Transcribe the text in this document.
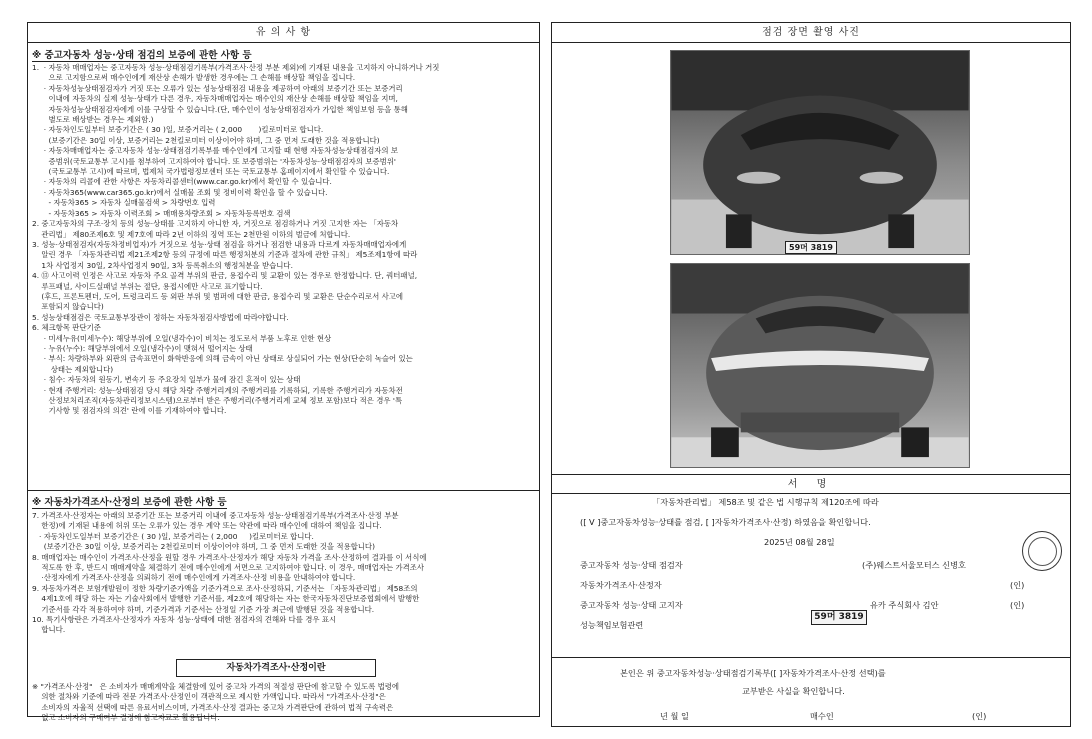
유 의 사 항
※ 중고자동차 성능·상태 점검의 보증에 관한 사항 등
1.  · 자동차 매매업자는 중고자동차 성능·상태점검기록부(가격조사·산정 부분 제외)에 기재된 내용을 고지하지 아니하거나 거짓
으로 고지함으로써 매수인에게 재산상 손해가 발생한 경우에는 그 손해를 배상할 책임을 집니다.
· 자동차성능상태점검자가 거짓 또는 오류가 있는 성능상태점검 내용을 제공하여 아래의 보증기간 또는 보증거리
이내에 자동차의 실제 성능·상태가 다른 경우, 자동차매매업자는 매수인의 재산상 손해를 배상할 책임을 지며,
자동차성능상태점검자에게 이를 구상할 수 있습니다.(단, 매수인이 성능상태점검자가 가입한 책임보험 등을 통해
별도로 배상받는 경우는 제외함.)
· 자동차인도일부터 보증기간은 ( 30 )일, 보증거리는 ( 2,000       )킬로미터로 합니다.
(보증기간은 30일 이상, 보증거리는 2천킬로미터 이상이어야 하며, 그 중 먼저 도래한 것을 적용합니다)
· 자동차매매업자는 중고자동차 성능·상태점검기록부를 매수인에게 고지할 때 현행 자동차성능상태점검자의 보
증범위(국토교통부 고시)를 첨부하여 고지하여야 합니다. 또 보증범위는 '자동차성능·상태점검자의 보증범위'
(국토교통부 고시)에 따르며, 법제처 국가법령정보센터 또는 국토교통부 홈페이지에서 확인할 수 있습니다.
· 자동차의 리콜에 관한 사항은 자동차리콜센터(www.car.go.kr)에서 확인할 수 있습니다.
· 자동차365(www.car365.go.kr)에서 실매물 조회 및 정비이력 확인을 할 수 있습니다.
- 자동차365 > 자동차 실매물검색 > 차량번호 입력
- 자동차365 > 자동차 이력조회 > 매매용차량조회 > 자동차등록번호 검색
2. 중고자동차의 구조·장치 등의 성능·상태를 고지하지 아니한 자, 거짓으로 점검하거나 거짓 고지한 자는 「자동차
관리법」 제80조제6호 및 제7호에 따라 2년 이하의 징역 또는 2천만원 이하의 벌금에 처합니다.
3. 성능·상태점검자(자동차정비업자)가 거짓으로 성능·상태 점검을 하거나 점검한 내용과 다르게 자동차매매업자에게
알린 경우 「자동차관리법 제21조제2항 등의 규정에 따른 행정처분의 기준과 절차에 관한 규칙」 제5조제1항에 따라
1차 사업정지 30일, 2차사업정지 90일, 3차 등록취소의 행정처분을 받습니다.
4. ⑬ 사고이력 인정은 사고로 자동차 주요 골격 부위의 판금, 용접수리 및 교환이 있는 경우로 한정합니다. 단, 쿼터패널,
루프패널, 사이드실패널 부위는 절단, 용접시에만 사고로 표기합니다.
(후드, 프론트펜더, 도어, 트렁크리드 등 외판 부위 및 범퍼에 대한 판금, 용접수리 및 교환은 단순수리로서 사고에
포함되지 않습니다)
5. 성능상태점검은 국토교통부장관이 정하는 자동차점검사방법에 따라야합니다.
6. 체크항목 판단기준
· 미세누유(미세누수): 해당부위에 오일(냉각수)이 비치는 정도로서 부품 노후로 인한 현상
· 누유(누수): 해당부위에서 오일(냉각수)이 맺혀서 떨어지는 상태
· 부식: 차량하부와 외판의 금속표면이 화학반응에 의해 금속이 아닌 상태로 상실되어 가는 현상(단순히 녹슬어 있는
상태는 제외합니다)
· 침수: 자동차의 원동기, 변속기 등 주요장치 일부가 물에 잠긴 흔적이 있는 상태
· 현재 주행거리: 성능·상태점검 당시 해당 차량 주행거리계의 주행거리를 기록하되, 기록한 주행거리가 자동차전
산정보처리조직(자동차관리정보시스템)으로부터 받은 주행거리(주행거리계 교체 정보 포함)보다 적은 경우 '특
기사항 및 점검자의 의견' 란에 이를 기재하여야 합니다.
※ 자동차가격조사·산정의 보증에 관한 사항 등
7. 가격조사·산정자는 아래의 보증기간 또는 보증거리 이내에 중고자동차 성능·상태점검기록부(가격조사·산정 부분
한정)에 기재된 내용에 허위 또는 오류가 있는 경우 계약 또는 약관에 따라 매수인에 대하여 책임을 집니다.
· 자동차인도일부터 보증기간은 ( 30 )일, 보증거리는 ( 2,000     )킬로미터로 합니다.
(보증기간은 30일 이상, 보증거리는 2천킬로미터 이상이어야 하며, 그 중 먼저 도래한 것을 적용합니다)
8. 매매업자는 매수인이 가격조사·산정을 원할 경우 가격조사·산정자가 해당 자동차 가격을 조사·산정하여 결과를 이 서식에
적도록 한 후, 반드시 매매계약을 체결하기 전에 매수인에게 서면으로 고지하여야 합니다. 이 경우, 매매업자는 가격조사
·산정자에게 가격조사·산정을 의뢰하기 전에 매수인에게 가격조사·산정 비용을 안내하여야 합니다.
9. 자동차가격은 보험개발원이 정한 차량기준가액을 기준가격으로 조사·산정하되, 기준서는 「자동차관리법」 제58조의
4제1호에 해당 하는 자는 기술사회에서 발행한 기준서를, 제2호에 해당하는 자는 한국자동차진단보증협회에서 발행한
기준서를 각각 적용하여야 하며, 기준가격과 기준서는 산정일 기준 가장 최근에 발행된 것을 적용합니다.
10. 특기사항란은 가격조사·산정자가 자동차 성능·상태에 대한 점검자의 견해와 다를 경우 표시
합니다.
자동차가격조사·산정이란
※ "가격조사·산정"   은 소비자가 매매계약을 체결함에 있어 중고차 가격의 적절성 판단에 참고할 수 있도록 법령에
의한 절차와 기준에 따라 전문 가격조사·산정인이 객관적으로 제시한 가액입니다. 따라서 "가격조사·산정"은
소비자의 자율적 선택에 따른 유료서비스이며, 가격조사·산정 결과는 중고차 가격판단에 관하여 법적 구속력은
없고 소비자의 구매여부 결정에 참고자료로 활용됩니다.
점검 장면 촬영 사진
59머 3819
59머 3819
서 명
「자동차관리법」 제58조 및 같은 법 시행규칙 제120조에 따라
([ V ]중고자동차성능·상태를 점검, [ ]자동차가격조사·산정) 하였음을 확인합니다.
2025년 08월 28일
중고자동차 성능·상태 점검자	(주)웨스트서울모터스 신병호
자동차가격조사·산정자	(인)
중고자동차 성능·상태 고지자	유카 주식회사 김안	(인)
성능책임보험관련
본인은 위 중고자동차성능·상태점검기록부([ ]자동차가격조사·산정 선택)를
교부받은 사실을 확인합니다.
년 월 일	매수인	(인)
